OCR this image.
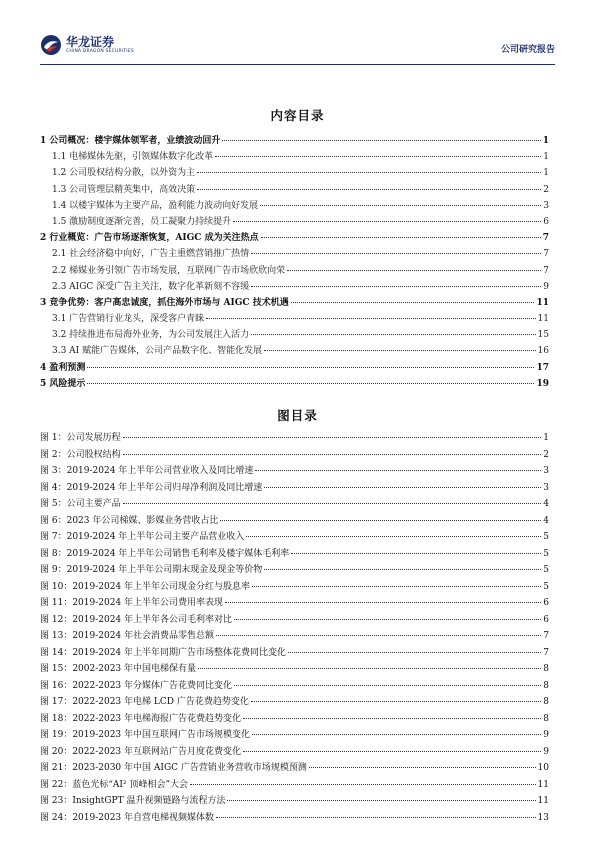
华龙证券
CHINA DRAGON SECURITIES	公司研究报告
内容目录
1 公司概况：楼宇媒体领军者，业绩波动回升	1
1.1 电梯媒体先驱，引领媒体数字化改革	1
1.2 公司股权结构分散，以外资为主	1
1.3 公司管理层精英集中，高效决策	2
1.4 以楼宇媒体为主要产品，盈利能力波动向好发展	3
1.5 激励制度逐渐完善，员工凝聚力持续提升	6
2 行业概览：广告市场逐渐恢复，AIGC 成为关注热点	7
2.1 社会经济稳中向好，广告主重燃营销推广热情	7
2.2 梯媒业务引领广告市场发展，互联网广告市场欣欣向荣	7
2.3 AIGC 深受广告主关注，数字化革新刻不容缓	9
3 竞争优势：客户高忠诚度，抓住海外市场与 AIGC 技术机遇	11
3.1 广告营销行业龙头，深受客户青睐	11
3.2 持续推进布局海外业务，为公司发展注入活力	15
3.3 AI 赋能广告媒体，公司产品数字化、智能化发展	16
4 盈利预测	17
5 风险提示	19
图目录
图 1：公司发展历程	1
图 2：公司股权结构	2
图 3：2019-2024 年上半年公司营业收入及同比增速	3
图 4：2019-2024 年上半年公司归母净利润及同比增速	3
图 5：公司主要产品	4
图 6：2023 年公司梯媒、影媒业务营收占比	4
图 7：2019-2024 年上半年公司主要产品营业收入	5
图 8：2019-2024 年上半年公司销售毛利率及楼宇媒体毛利率	5
图 9：2019-2024 年上半年公司期末现金及现金等价物	5
图 10：2019-2024 年上半年公司现金分红与股息率	5
图 11：2019-2024 年上半年公司费用率表现	6
图 12：2019-2024 年上半年各公司毛利率对比	6
图 13：2019-2024 年社会消费品零售总额	7
图 14：2019-2024 年上半年同期广告市场整体花费同比变化	7
图 15：2002-2023 年中国电梯保有量	8
图 16：2022-2023 年分媒体广告花费同比变化	8
图 17：2022-2023 年电梯 LCD 广告花费趋势变化	8
图 18：2022-2023 年电梯海报广告花费趋势变化	8
图 19：2019-2023 年中国互联网广告市场规模变化	9
图 20：2022-2023 年互联网站广告月度花费变化	9
图 21：2023-2030 年中国 AIGC 广告营销业务营收市场规模预测	10
图 22：蓝色光标“AI² 顶峰相会”大会	11
图 23：InsightGPT 温升视频链路与流程方法	11
图 24：2019-2023 年自营电梯视频媒体数	13
